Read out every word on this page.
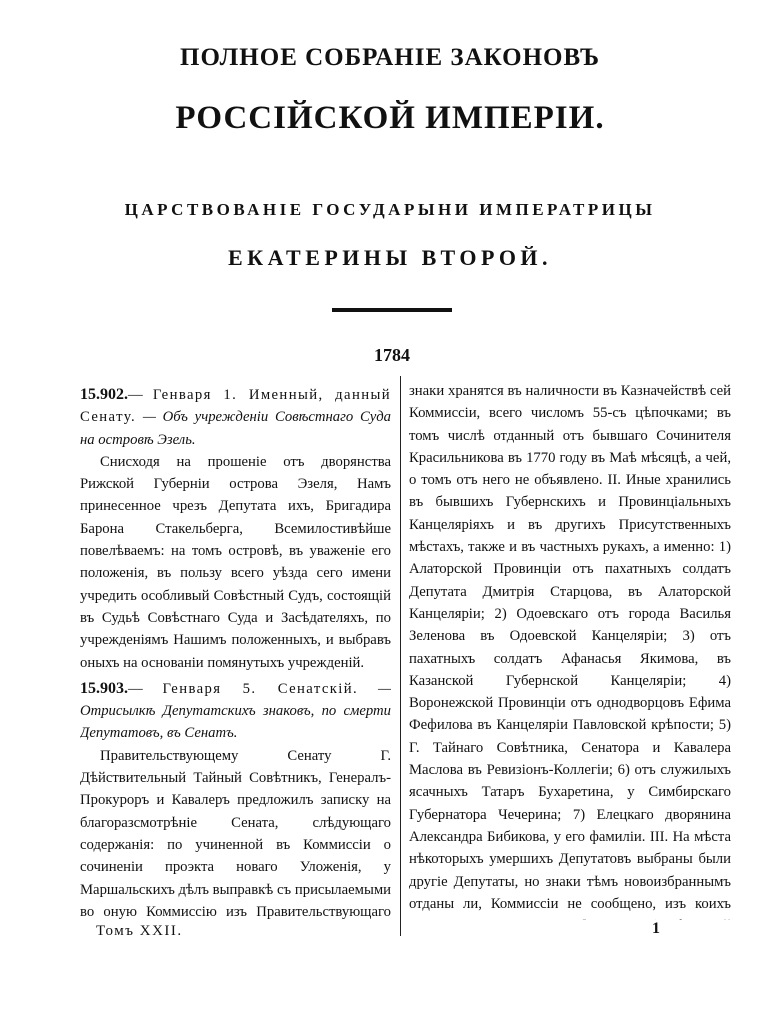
ПОЛНОЕ СОБРАНІЕ ЗАКОНОВЪ
РОССІЙСКОЙ ИМПЕРІИ.
ЦАРСТВОВАНІЕ ГОСУДАРЫНИ ИМПЕРАТРИЦЫ
ЕКАТЕРИНЫ ВТОРОЙ.
1784

15.902.— Генваря 1. Именный, данный Сенату. — Объ учрежденіи Совѣстнаго Суда на островѣ Эзель.

Снисходя на прошеніе отъ дворянства Рижской Губерніи острова Эзеля, Намъ принесенное чрезъ Депутата ихъ, Бригадира Барона Стакельберга, Всемилостивѣйше повелѣваемъ: на томъ островѣ, въ уваженіе его положенія, въ пользу всего уѣзда сего имени учредить особливый Совѣстный Судъ, состоящій въ Судьѣ Совѣстнаго Суда и Засѣдателяхъ, по учрежденіямъ Нашимъ положенныхъ, и выбравъ оныхъ на основаніи помянутыхъ учрежденій.

15.903.— Генваря 5. Сенатскій. —Отрисылкѣ Депутатскихъ знаковъ, по смерти Депутатовъ, въ Сенатъ.

Правительствующему Сенату Г. Дѣйствительный Тайный Совѣтникъ, Генералъ-Прокуроръ и Кавалеръ предложилъ записку на благоразсмотрѣніе Сената, слѣдующаго содержанія: по учиненной въ Коммиссіи о сочиненіи проэкта новаго Уложенія, у Маршальскихъ дѣлъ выправкѣ съ присылаемыми во оную Коммиссію изъ Правительствующаго

знаки хранятся въ наличности въ Казначействѣ сей Коммиссіи, всего числомъ 55-съ цѣпочками; въ томъ числѣ отданный отъ бывшаго Сочинителя Красильникова въ 1770 году въ Маѣ мѣсяцѣ, а чей, о томъ отъ него не объявлено. II. Иные хранились въ бывшихъ Губернскихъ и Провинціальныхъ Канцеляріяхъ и въ другихъ Присутственныхъ мѣстахъ, также и въ частныхъ рукахъ, а именно: 1) Алаторской Провинціи отъ пахатныхъ солдатъ Депутата Дмитрія Старцова, въ Алаторской Канцеляріи; 2) Одоевскаго отъ города Василья Зеленова въ Одоевской Канцеляріи; 3) отъ пахатныхъ солдатъ Афанасья Якимова, въ Казанской Губернской Канцеляріи; 4) Воронежской Провинціи отъ однодворцовъ Ефима Фефилова въ Канцеляріи Павловской крѣпости; 5) Г. Тайнаго Совѣтника, Сенатора и Кавалера Маслова въ Ревизіонъ-Коллегіи; 6) отъ служилыхъ ясачныхъ Татаръ Бухаретина, у Симбирскаго Губернатора Чечерина; 7) Елецкаго дворянина Александра Бибикова, у его фамиліи. III. На мѣста нѣкоторыхъ умершихъ Депутатовъ выбраны были другіе Депутаты, но знаки тѣмъ новоизбраннымъ отданы ли, Коммиссіи не сообщено, изъ коихъ

Томъ XXII.	1
